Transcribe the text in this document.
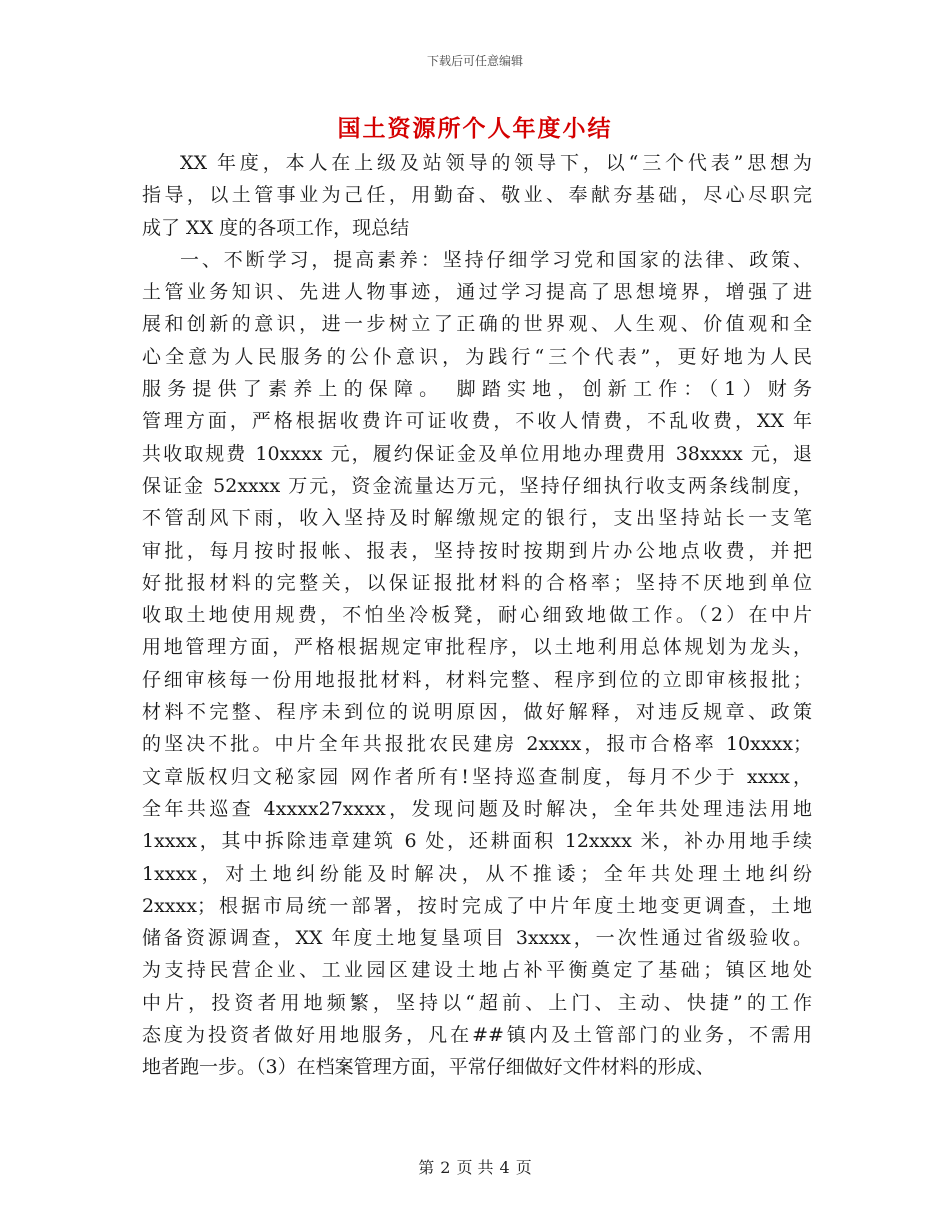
下载后可任意编辑
国土资源所个人年度小结
XX 年度，本人在上级及站领导的领导下，以“三个代表”思想为
指导，以土管事业为己任，用勤奋、敬业、奉献夯基础，尽心尽职完
成了 XX 度的各项工作，现总结
一、不断学习，提高素养：坚持仔细学习党和国家的法律、政策、
土管业务知识、先进人物事迹，通过学习提高了思想境界，增强了进
展和创新的意识，进一步树立了正确的世界观、人生观、价值观和全
心全意为人民服务的公仆意识，为践行“三个代表”，更好地为人民
服务提供了素养上的保障。 脚踏实地，创新工作：（1）财务
管理方面，严格根据收费许可证收费，不收人情费，不乱收费，XX 年
共收取规费 10xxxx 元，履约保证金及单位用地办理费用 38xxxx 元，退
保证金 52xxxx 万元，资金流量达万元，坚持仔细执行收支两条线制度，
不管刮风下雨，收入坚持及时解缴规定的银行，支出坚持站长一支笔
审批，每月按时报帐、报表，坚持按时按期到片办公地点收费，并把
好批报材料的完整关，以保证报批材料的合格率；坚持不厌地到单位
收取土地使用规费，不怕坐冷板凳，耐心细致地做工作。（2）在中片
用地管理方面，严格根据规定审批程序，以土地利用总体规划为龙头，
仔细审核每一份用地报批材料，材料完整、程序到位的立即审核报批；
材料不完整、程序未到位的说明原因，做好解释，对违反规章、政策
的坚决不批。中片全年共报批农民建房 2xxxx，报市合格率 10xxxx；
文章版权归文秘家园 网作者所有!坚持巡查制度，每月不少于 xxxx，
全年共巡查 4xxxx27xxxx，发现问题及时解决，全年共处理违法用地
1xxxx，其中拆除违章建筑 6 处，还耕面积 12xxxx 米，补办用地手续
1xxxx，对土地纠纷能及时解决，从不推诿；全年共处理土地纠纷
2xxxx；根据市局统一部署，按时完成了中片年度土地变更调查，土地
储备资源调查，XX 年度土地复垦项目 3xxxx，一次性通过省级验收。
为支持民营企业、工业园区建设土地占补平衡奠定了基础；镇区地处
中片，投资者用地频繁，坚持以“超前、上门、主动、快捷”的工作
态度为投资者做好用地服务，凡在##镇内及土管部门的业务，不需用
地者跑一步。（3）在档案管理方面，平常仔细做好文件材料的形成、
第 2 页 共 4 页
